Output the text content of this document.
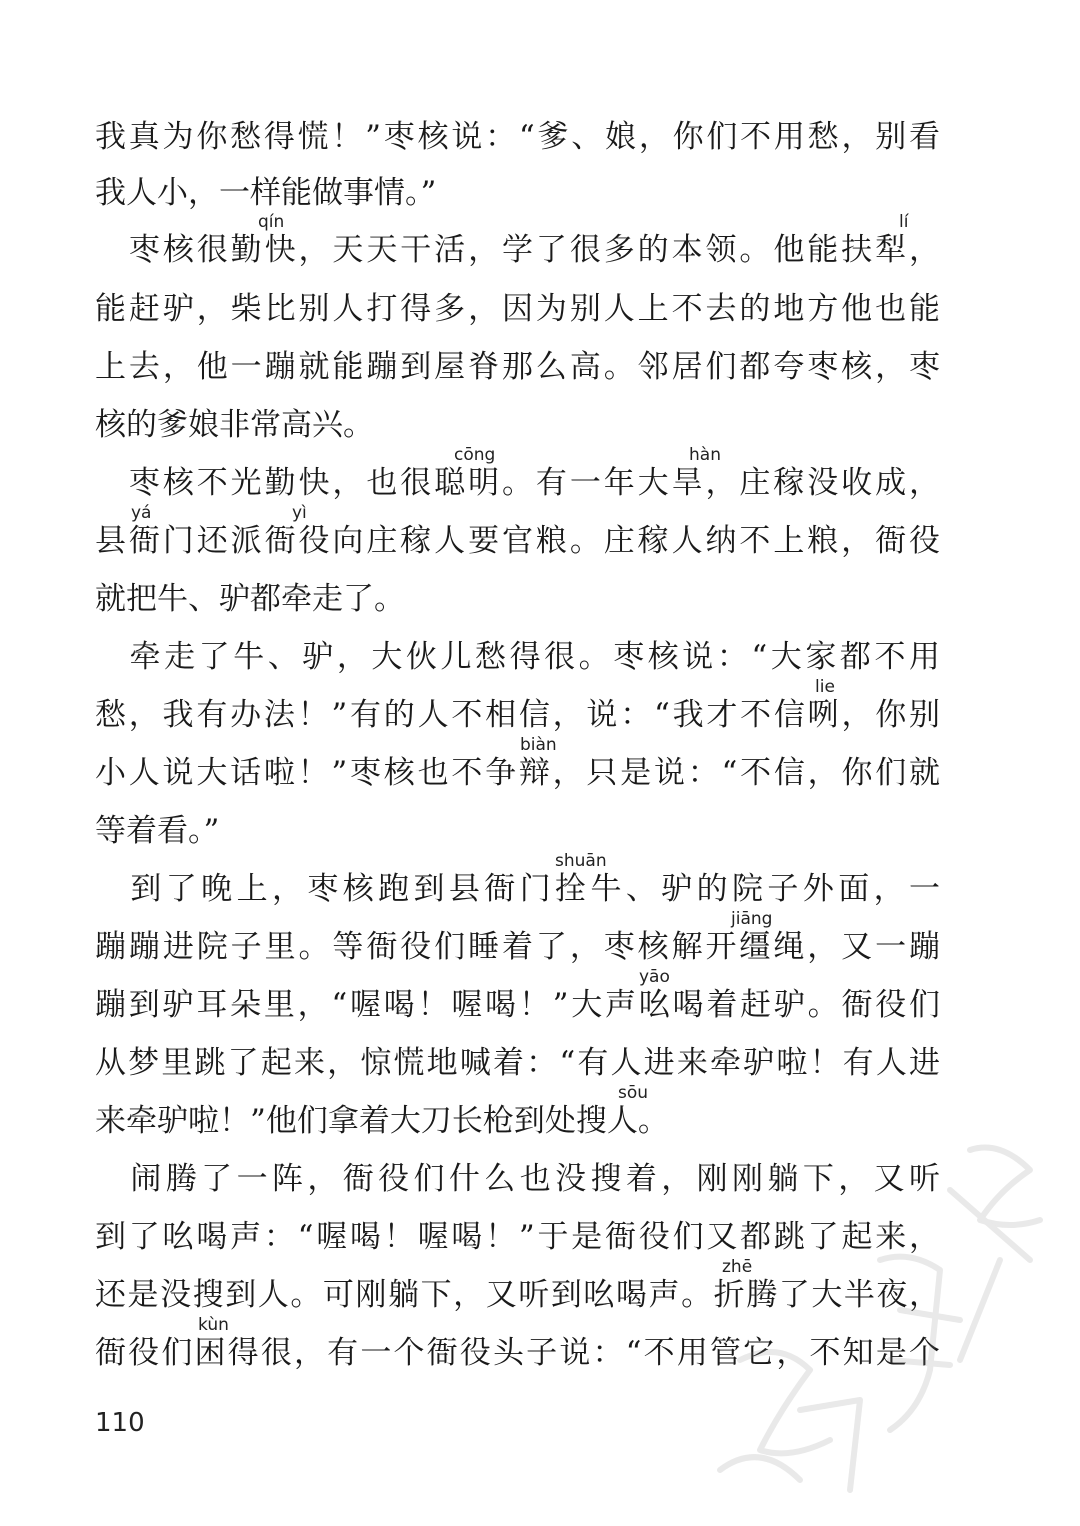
我真为你愁得慌！”枣核说：“爹、娘，你们不用愁，别看
我人小，一样能做事情。”
　枣核很勤快，天天干活，学了很多的本领。他能扶犁，
能赶驴，柴比别人打得多，因为别人上不去的地方他也能
上去，他一蹦就能蹦到屋脊那么高。邻居们都夸枣核，枣
核的爹娘非常高兴。
　枣核不光勤快，也很聪明。有一年大旱，庄稼没收成，
县衙门还派衙役向庄稼人要官粮。庄稼人纳不上粮，衙役
就把牛、驴都牵走了。
　牵走了牛、驴，大伙儿愁得很。枣核说：“大家都不用
愁，我有办法！”有的人不相信，说：“我才不信咧，你别
小人说大话啦！”枣核也不争辩，只是说：“不信，你们就
等着看。”
　到了晚上，枣核跑到县衙门拴牛、驴的院子外面，一
蹦蹦进院子里。等衙役们睡着了，枣核解开缰绳，又一蹦
蹦到驴耳朵里，“喔喝！喔喝！”大声吆喝着赶驴。衙役们
从梦里跳了起来，惊慌地喊着：“有人进来牵驴啦！有人进
来牵驴啦！”他们拿着大刀长枪到处搜人。
　闹腾了一阵，衙役们什么也没搜着，刚刚躺下，又听
到了吆喝声：“喔喝！喔喝！”于是衙役们又都跳了起来，
还是没搜到人。可刚躺下，又听到吆喝声。折腾了大半夜，
衙役们困得很，有一个衙役头子说：“不用管它，不知是个
qín	lí
cōng	hàn
yá	yì
liе
biàn
shuān
jiāng
yāo
sōu
zhē
kùn
110
